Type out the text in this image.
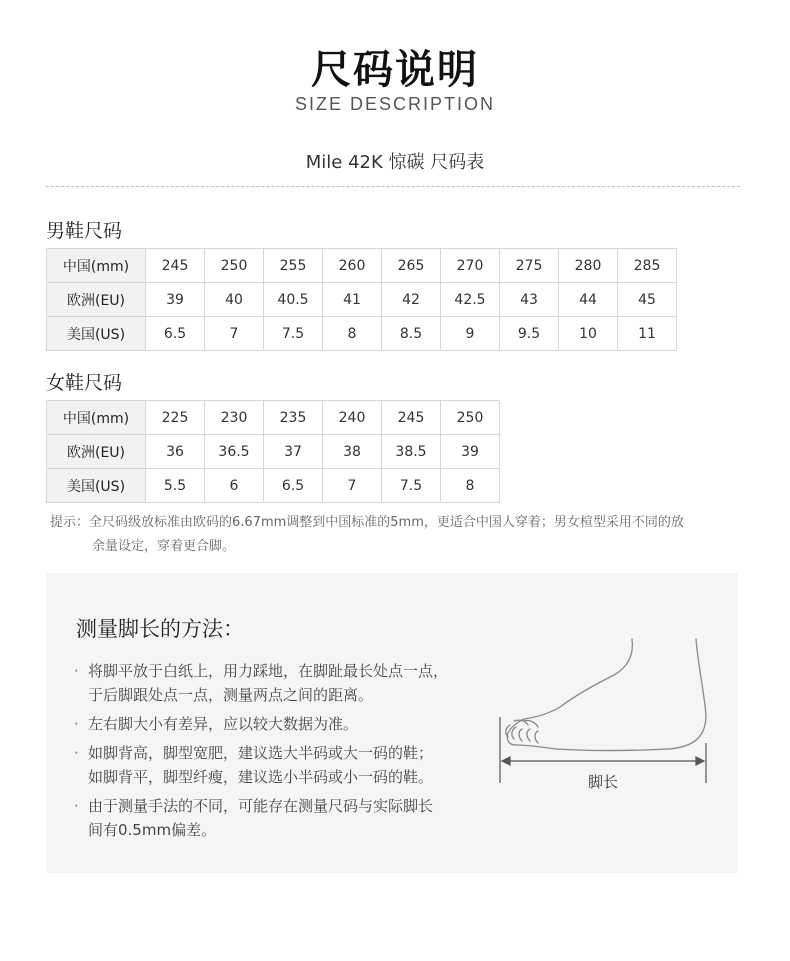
尺码说明
SIZE DESCRIPTION
Mile 42K 惊碳 尺码表
男鞋尺码
中国(mm)	245	250	255	260	265	270	275	280	285
欧洲(EU)	39	40	40.5	41	42	42.5	43	44	45
美国(US)	6.5	7	7.5	8	8.5	9	9.5	10	11
女鞋尺码
中国(mm)	225	230	235	240	245	250
欧洲(EU)	36	36.5	37	38	38.5	39
美国(US)	5.5	6	6.5	7	7.5	8
提示：全尺码级放标准由欧码的6.67mm调整到中国标准的5mm，更适合中国人穿着；男女楦型采用不同的放
余量设定，穿着更合脚。
测量脚长的方法：
· 将脚平放于白纸上，用力踩地，在脚趾最长处点一点，
于后脚跟处点一点，测量两点之间的距离。
· 左右脚大小有差异，应以较大数据为准。
· 如脚背高，脚型宽肥，建议选大半码或大一码的鞋；
如脚背平，脚型纤瘦，建议选小半码或小一码的鞋。
· 由于测量手法的不同，可能存在测量尺码与实际脚长
间有0.5mm偏差。
脚长
